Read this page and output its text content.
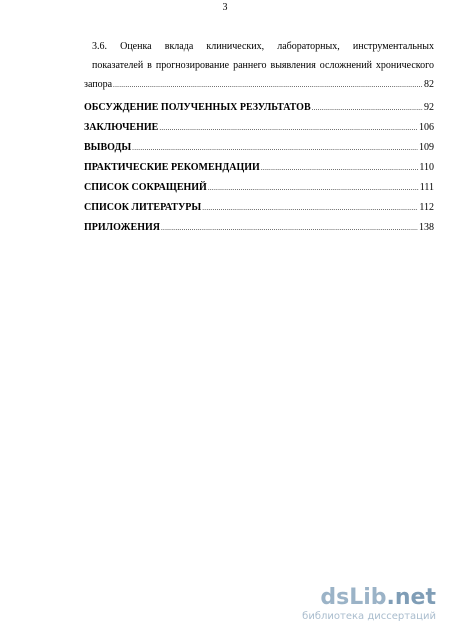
3
3.6. Оценка вклада клинических, лабораторных, инструментальных
показателей в прогнозирование раннего выявления осложнений хронического
запора .....	82
ОБСУЖДЕНИЕ ПОЛУЧЕННЫХ РЕЗУЛЬТАТОВ .....	92
ЗАКЛЮЧЕНИЕ .....	106
ВЫВОДЫ .....	109
ПРАКТИЧЕСКИЕ РЕКОМЕНДАЦИИ .....	110
СПИСОК СОКРАЩЕНИЙ .....	111
СПИСОК ЛИТЕРАТУРЫ .....	112
ПРИЛОЖЕНИЯ .....	138
dsLib.net
библиотека диссертаций
